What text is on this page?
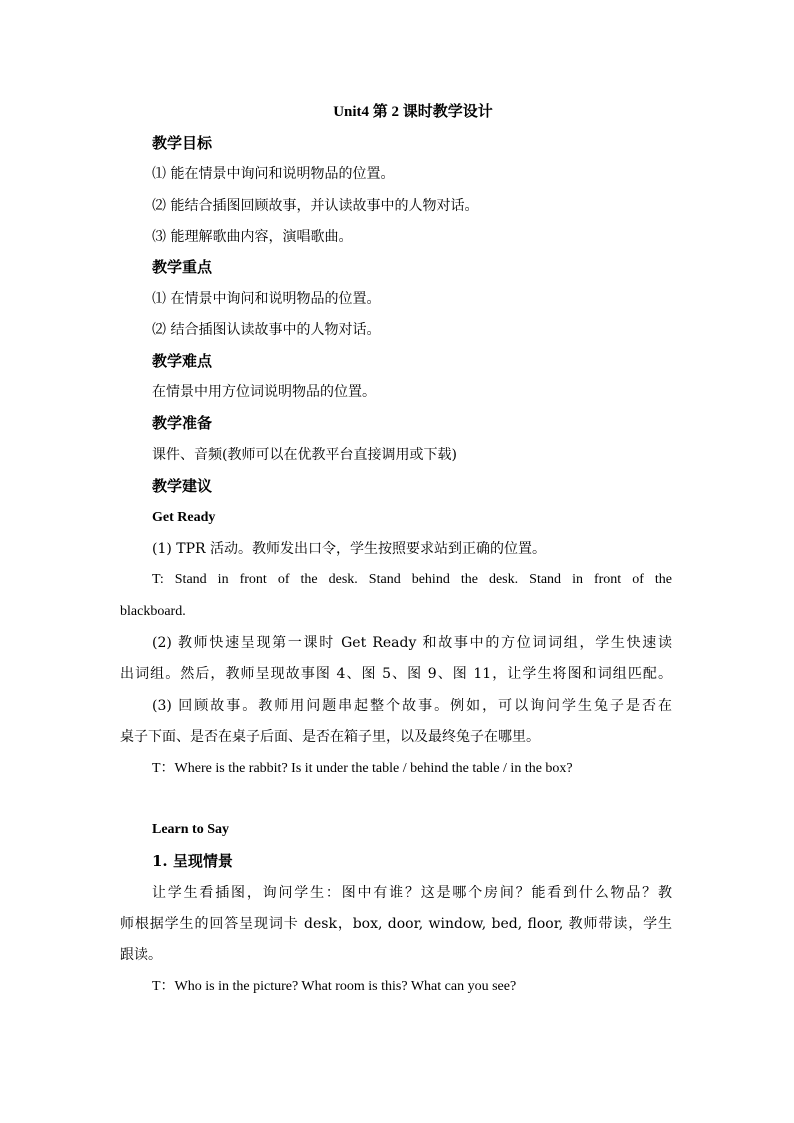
Unit4 第 2 课时教学设计
教学目标
⑴ 能在情景中询问和说明物品的位置。
⑵ 能结合插图回顾故事，并认读故事中的人物对话。
⑶ 能理解歌曲内容，演唱歌曲。
教学重点
⑴ 在情景中询问和说明物品的位置。
⑵ 结合插图认读故事中的人物对话。
教学难点
在情景中用方位词说明物品的位置。
教学准备
课件、音频(教师可以在优教平台直接调用或下载)
教学建议
Get Ready
(1) TPR 活动。教师发出口令，学生按照要求站到正确的位置。
T: Stand in front of the desk. Stand behind the desk. Stand in front of the
blackboard.
(2) 教师快速呈现第一课时 Get Ready 和故事中的方位词词组，学生快速读
出词组。然后，教师呈现故事图 4、图 5、图 9、图 11，让学生将图和词组匹配。
(3) 回顾故事。教师用问题串起整个故事。例如，可以询问学生兔子是否在
桌子下面、是否在桌子后面、是否在箱子里，以及最终兔子在哪里。
T：Where is the rabbit? Is it under the table / behind the table / in the box?
Learn to Say
1. 呈现情景
让学生看插图，询问学生：图中有谁？这是哪个房间？能看到什么物品？教
师根据学生的回答呈现词卡 desk，box, door, window, bed, floor, 教师带读，学生
跟读。
T：Who is in the picture? What room is this? What can you see?
